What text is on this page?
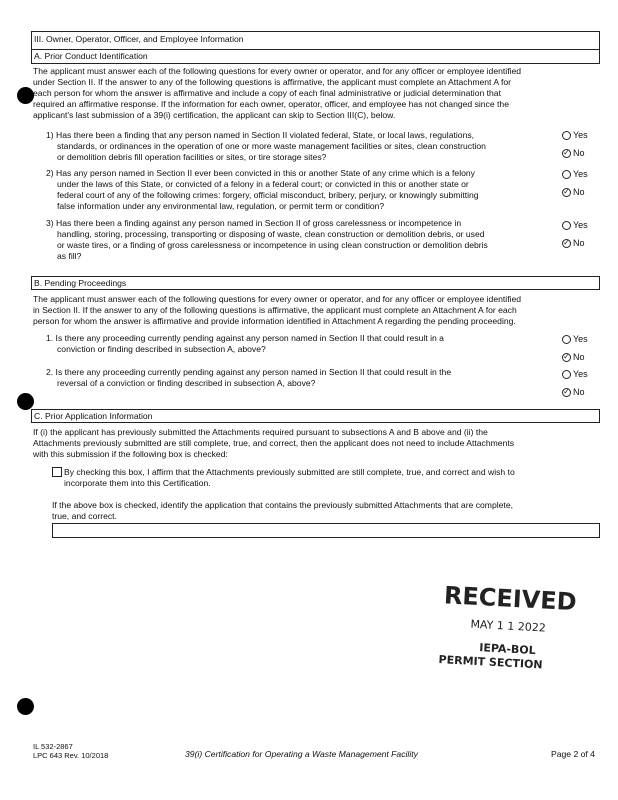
III. Owner, Operator, Officer, and Employee Information
A. Prior Conduct Identification
The applicant must answer each of the following questions for every owner or operator, and for any officer or employee identified
under Section II. If the answer to any of the following questions is affirmative, the applicant must complete an Attachment A for
each person for whom the answer is affirmative and include a copy of each final administrative or judicial determination that
required an affirmative response. If the information for each owner, operator, officer, and employee has not changed since the
applicant's last submission of a 39(i) certification, the applicant can skip to Section III(C), below.
1) Has there been a finding that any person named in Section II violated federal, State, or local laws, regulations,
standards, or ordinances in the operation of one or more waste management facilities or sites, clean construction
or demolition debris fill operation facilities or sites, or tire storage sites?
Yes
✓ No
2) Has any person named in Section II ever been convicted in this or another State of any crime which is a felony
under the laws of this State, or convicted of a felony in a federal court; or convicted in this or another state or
federal court of any of the following crimes: forgery, official misconduct, bribery, perjury, or knowingly submitting
false information under any environmental law, regulation, or permit term or condition?
Yes
✓ No
3) Has there been a finding against any person named in Section II of gross carelessness or incompetence in
handling, storing, processing, transporting or disposing of waste, clean construction or demolition debris, or used
or waste tires, or a finding of gross carelessness or incompetence in using clean construction or demolition debris
as fill?
Yes
✓ No
B. Pending Proceedings
The applicant must answer each of the following questions for every owner or operator, and for any officer or employee identified
in Section II. If the answer to any of the following questions is affirmative, the applicant must complete an Attachment A for each
person for whom the answer is affirmative and provide information identified in Attachment A regarding the pending proceeding.
1. Is there any proceeding currently pending against any person named in Section II that could result in a
conviction or finding described in subsection A, above?
Yes
✓ No
2. Is there any proceeding currently pending against any person named in Section II that could result in the
reversal of a conviction or finding described in subsection A, above?
Yes
✓ No
C. Prior Application Information
If (i) the applicant has previously submitted the Attachments required pursuant to subsections A and B above and (ii) the
Attachments previously submitted are still complete, true, and correct, then the applicant does not need to include Attachments
with this submission if the following box is checked:
By checking this box, I affirm that the Attachments previously submitted are still complete, true, and correct and wish to
incorporate them into this Certification.
If the above box is checked, identify the application that contains the previously submitted Attachments that are complete,
true, and correct.
RECEIVED
MAY 1 1 2022
IEPA-BOL
PERMIT SECTION
IL 532-2867
LPC 643 Rev. 10/2018	39(i) Certification for Operating a Waste Management Facility	Page 2 of 4
